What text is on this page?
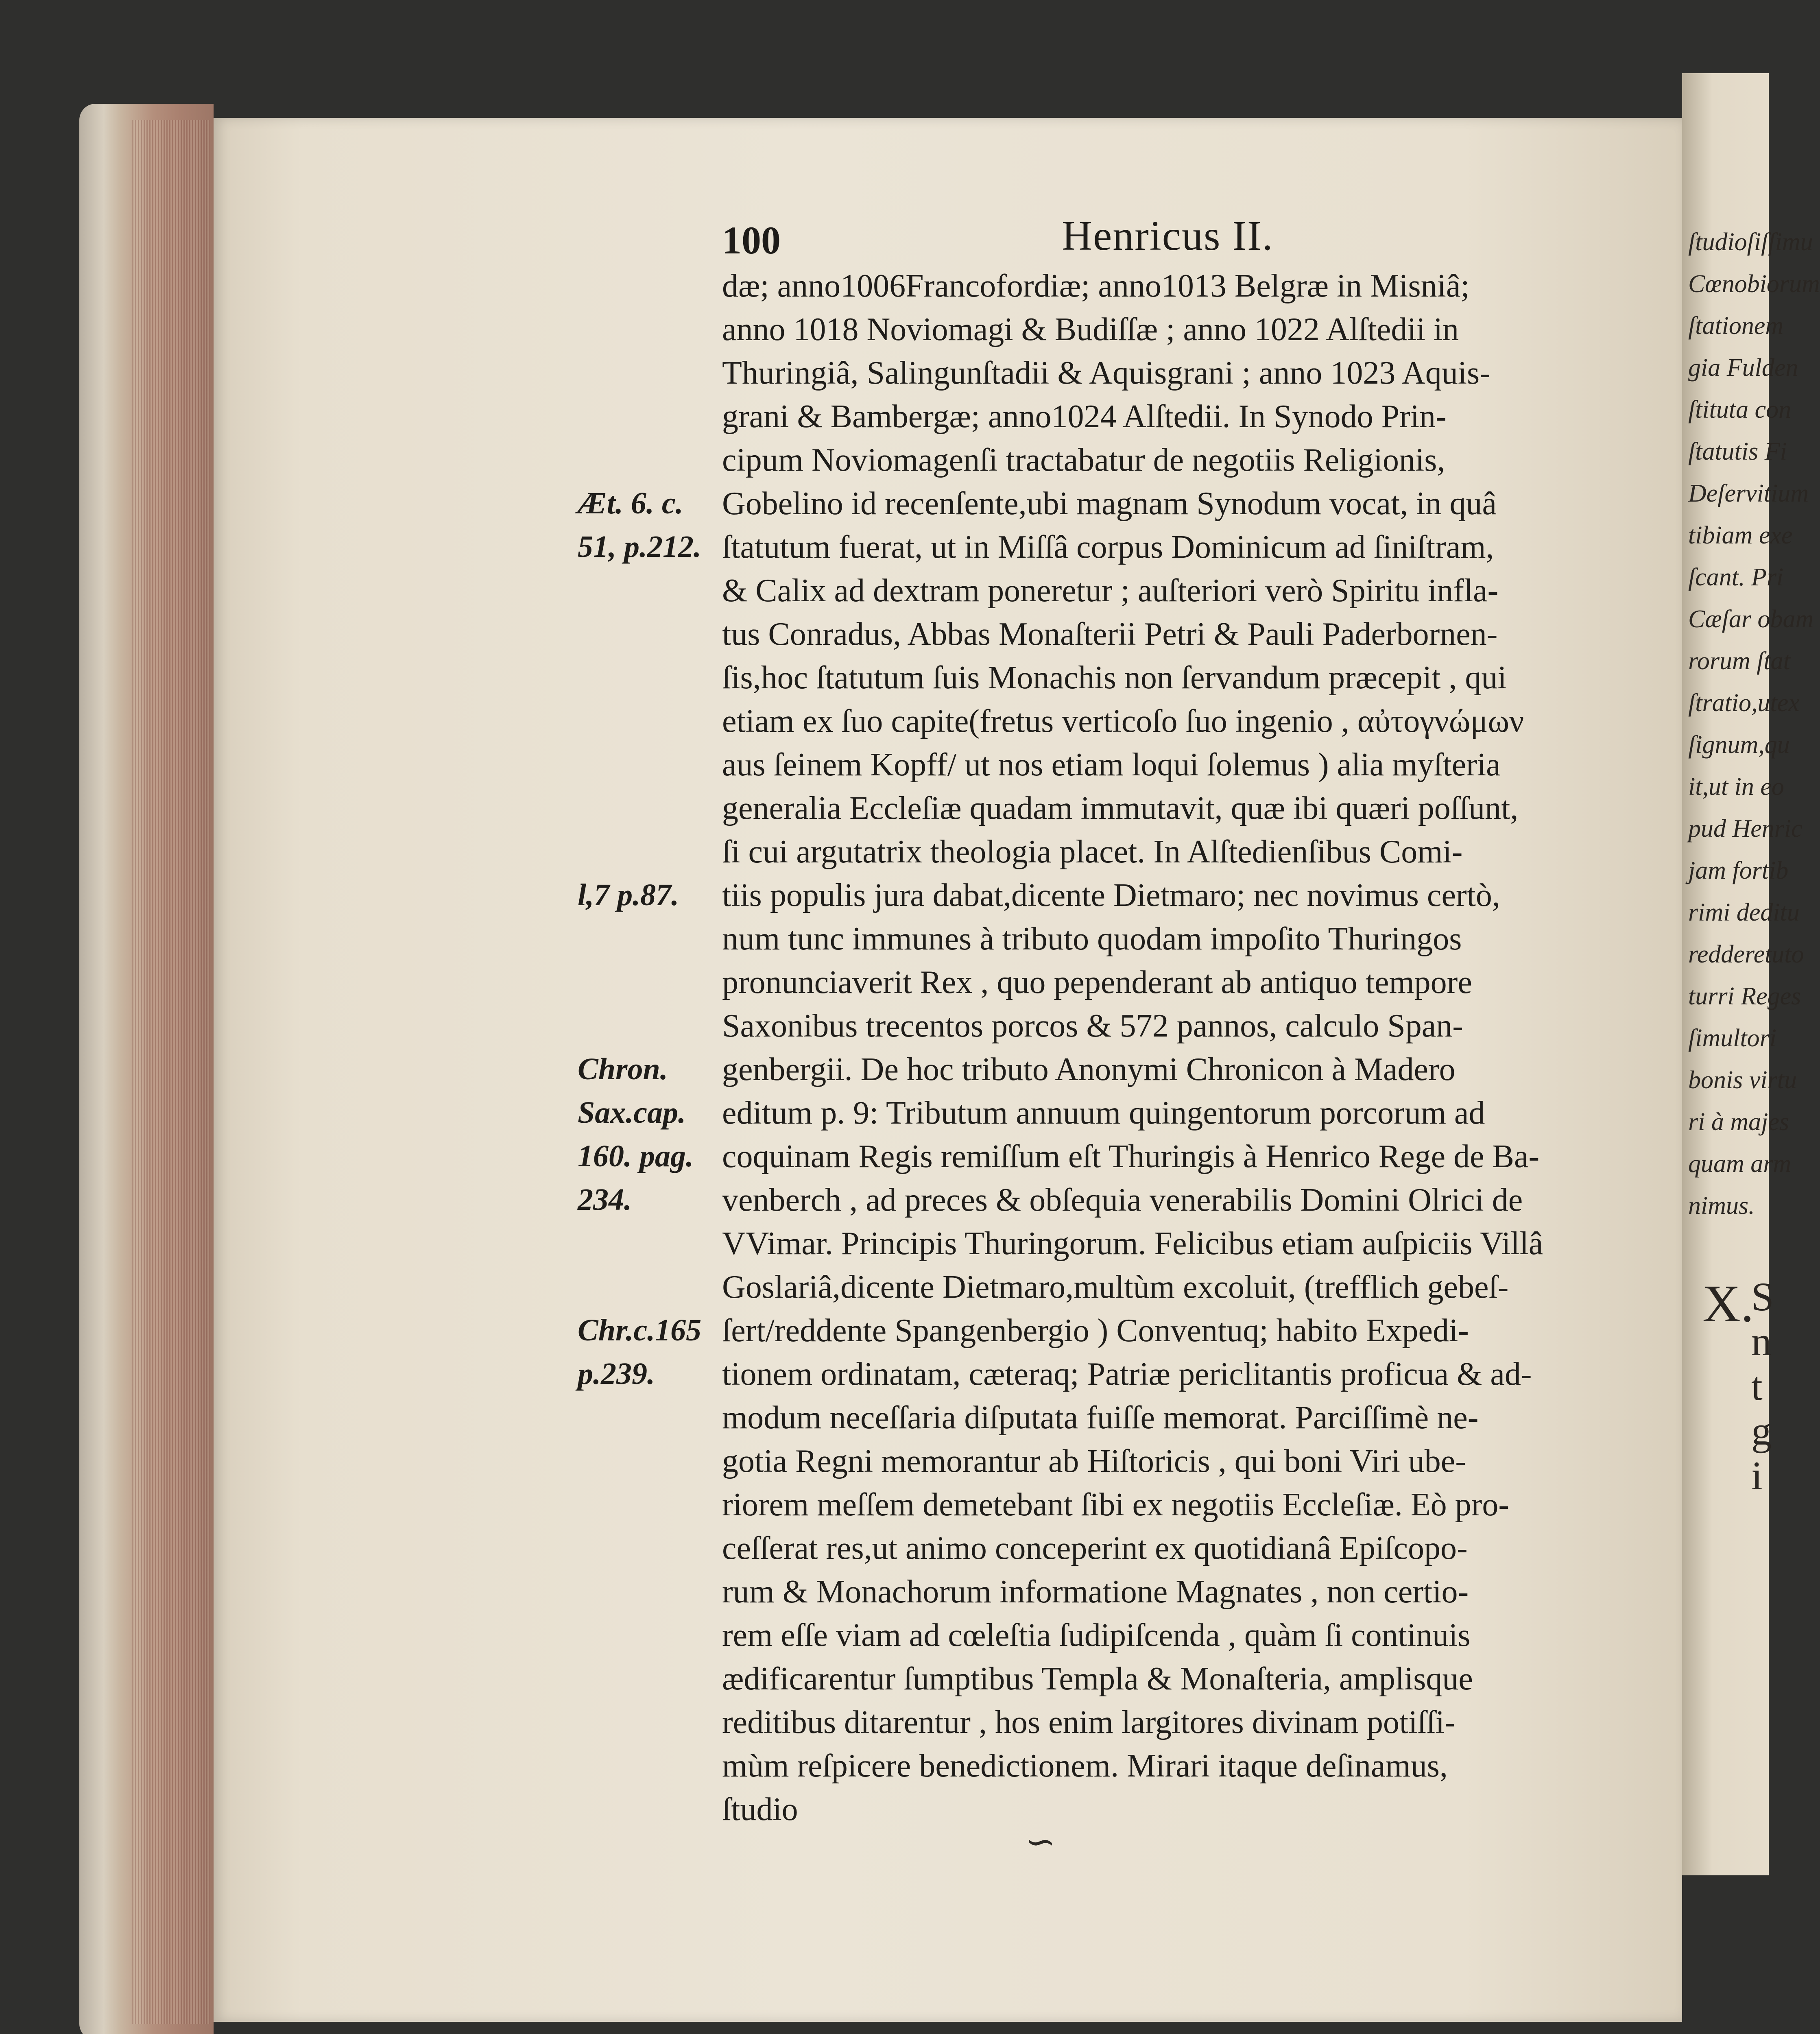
100	Henricus II.
dæ; anno1006Francofordiæ; anno1013 Belgræ in Misniâ;
anno 1018 Noviomagi & Budiſſæ ; anno 1022 Alſtedii in
Thuringiâ, Salingunſtadii & Aquisgrani ; anno 1023 Aquis-
grani & Bambergæ; anno1024 Alſtedii. In Synodo Prin-
cipum Noviomagenſi tractabatur de negotiis Religionis,
Gobelino id recenſente,ubi magnam Synodum vocat, in quâ
ſtatutum fuerat, ut in Miſſâ corpus Dominicum ad ſiniſtram,
& Calix ad dextram poneretur ; auſteriori verò Spiritu infla-
tus Conradus, Abbas Monaſterii Petri & Pauli Paderbornen-
ſis,hoc ſtatutum ſuis Monachis non ſervandum præcepit , qui
etiam ex ſuo capite(fretus verticoſo ſuo ingenio , αὐτογνώμων
aus ſeinem Kopff/ ut nos etiam loqui ſolemus ) alia myſteria
generalia Eccleſiæ quadam immutavit, quæ ibi quæri poſſunt,
ſi cui argutatrix theologia placet. In Alſtedienſibus Comi-
tiis populis jura dabat,dicente Dietmaro; nec novimus certò,
num tunc immunes à tributo quodam impoſito Thuringos
pronunciaverit Rex , quo pependerant ab antiquo tempore
Saxonibus trecentos porcos & 572 pannos, calculo Span-
genbergii. De hoc tributo Anonymi Chronicon à Madero
editum p. 9: Tributum annuum quingentorum porcorum ad
coquinam Regis remiſſum eſt Thuringis à Henrico Rege de Ba-
venberch , ad preces & obſequia venerabilis Domini Olrici de
VVimar. Principis Thuringorum. Felicibus etiam auſpiciis Villâ
Goslariâ,dicente Dietmaro,multùm excoluit, (trefflich gebeſ-
ſert/reddente Spangenbergio ) Conventuq; habito Expedi-
tionem ordinatam, cæteraq; Patriæ periclitantis proficua & ad-
modum neceſſaria diſputata fuiſſe memorat. Parciſſimè ne-
gotia Regni memorantur ab Hiſtoricis , qui boni Viri ube-
riorem meſſem demetebant ſibi ex negotiis Eccleſiæ. Eò pro-
ceſſerat res,ut animo conceperint ex quotidianâ Epiſcopo-
rum & Monachorum informatione Magnates , non certio-
rem eſſe viam ad cœleſtia ſudipiſcenda , quàm ſi continuis
ædificarentur ſumptibus Templa & Monaſteria, amplisque
reditibus ditarentur , hos enim largitores divinam potiſſi-
mùm reſpicere benedictionem. Mirari itaque deſinamus,
ſtudio
Æt. 6. c.
51, p.212.
l,7 p.87.
Chron.
Sax.cap.
160. pag.
234.
Chr.c.165
p.239.
∽
ſtudioſiſſimu
Cœnobiorum
ſtationem
gia Fulden
ſtituta con
ſtatutis Fi
Deſervitium
tibiam exe
ſcant. Pri
Cæſar obam
rorum ſtat
ſtratio,utex
ſignum,qu
it,ut in eo
pud Henric
jam fortib
rimi deditu
redderetuto
turri Reges
ſimultori
bonis virtu
ri à majes
quam arm
nimus.
X.
S
n
t
g
i
